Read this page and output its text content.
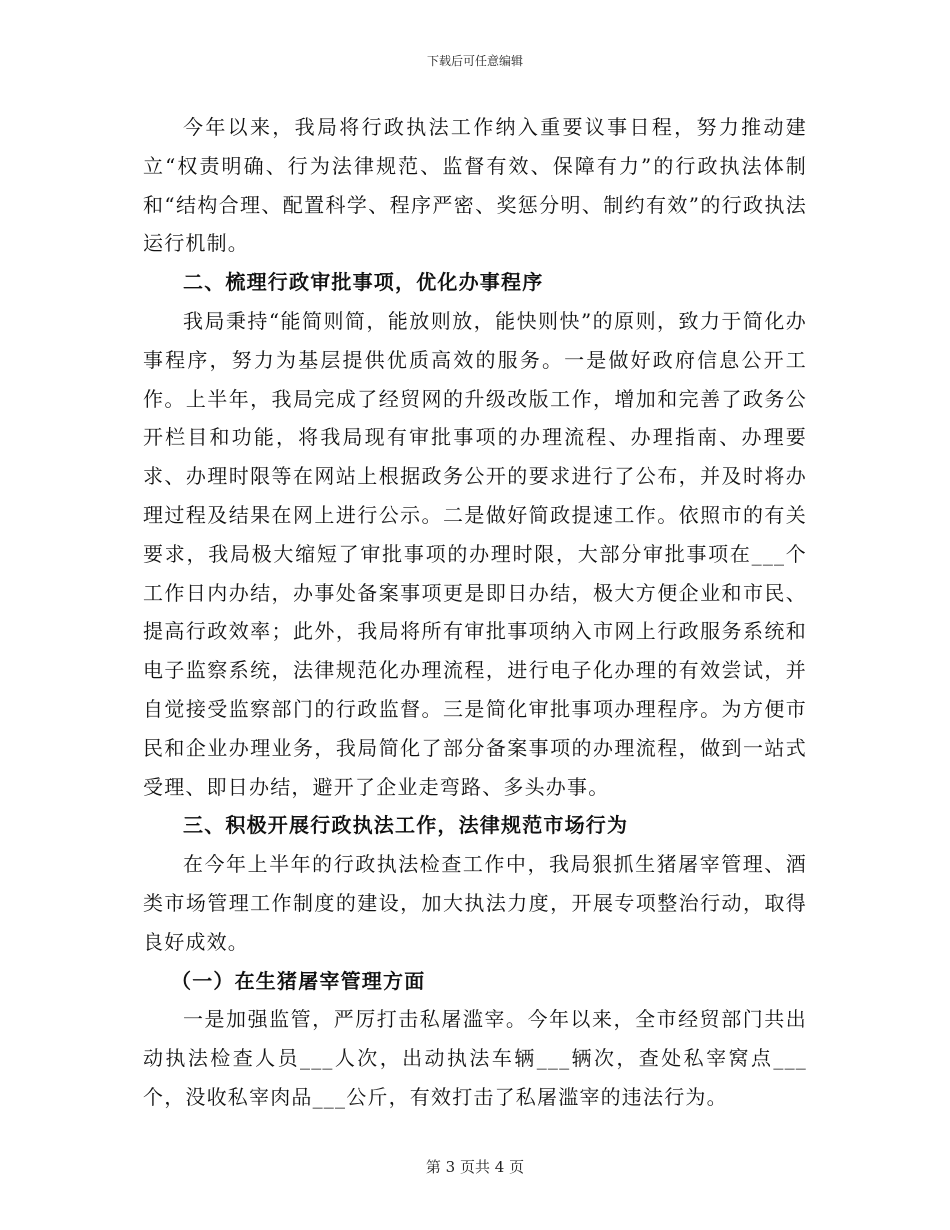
下载后可任意编辑

今年以来，我局将行政执法工作纳入重要议事日程，努力推动建立“权责明确、行为法律规范、监督有效、保障有力”的行政执法体制和“结构合理、配置科学、程序严密、奖惩分明、制约有效”的行政执法运行机制。

二、梳理行政审批事项，优化办事程序

我局秉持“能简则简，能放则放，能快则快”的原则，致力于简化办事程序，努力为基层提供优质高效的服务。一是做好政府信息公开工作。上半年，我局完成了经贸网的升级改版工作，增加和完善了政务公开栏目和功能，将我局现有审批事项的办理流程、办理指南、办理要求、办理时限等在网站上根据政务公开的要求进行了公布，并及时将办理过程及结果在网上进行公示。二是做好简政提速工作。依照市的有关要求，我局极大缩短了审批事项的办理时限，大部分审批事项在___个工作日内办结，办事处备案事项更是即日办结，极大方便企业和市民、提高行政效率；此外，我局将所有审批事项纳入市网上行政服务系统和电子监察系统，法律规范化办理流程，进行电子化办理的有效尝试，并自觉接受监察部门的行政监督。三是简化审批事项办理程序。为方便市民和企业办理业务，我局简化了部分备案事项的办理流程，做到一站式受理、即日办结，避开了企业走弯路、多头办事。

三、积极开展行政执法工作，法律规范市场行为

在今年上半年的行政执法检查工作中，我局狠抓生猪屠宰管理、酒类市场管理工作制度的建设，加大执法力度，开展专项整治行动，取得良好成效。

（一）在生猪屠宰管理方面

一是加强监管，严厉打击私屠滥宰。今年以来，全市经贸部门共出动执法检查人员___人次，出动执法车辆___辆次，查处私宰窝点___个，没收私宰肉品___公斤，有效打击了私屠滥宰的违法行为。

第 3 页共 4 页
